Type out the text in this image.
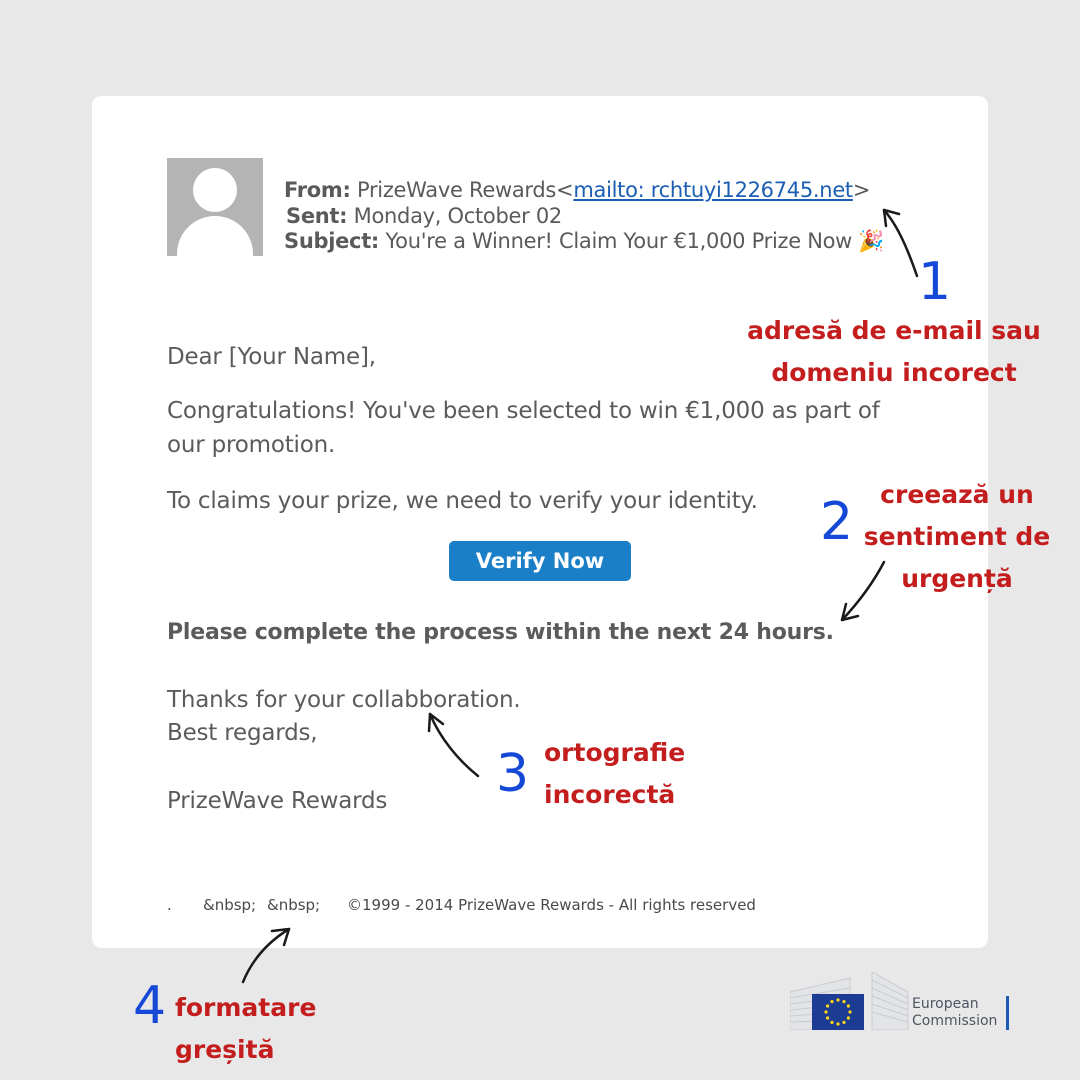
From: PrizeWave Rewards<mailto: rchtuyi1226745.net>
Sent: Monday, October 02
Subject: You're a Winner! Claim Your €1,000 Prize Now 🎉
Dear [Your Name],
Congratulations! You've been selected to win €1,000 as part of
our promotion.
To claims your prize, we need to verify your identity.
Verify Now
Please complete the process within the next 24 hours.
Thanks for your collabboration.
Best regards,
PrizeWave Rewards
. &nbsp; &nbsp; ©1999 - 2014 PrizeWave Rewards - All rights reserved
1
adresă de e-mail sau
domeniu incorect
2	creează un
sentiment de
urgență
3 ortografie
incorectă
4 formatare
greșită
European
Commission
